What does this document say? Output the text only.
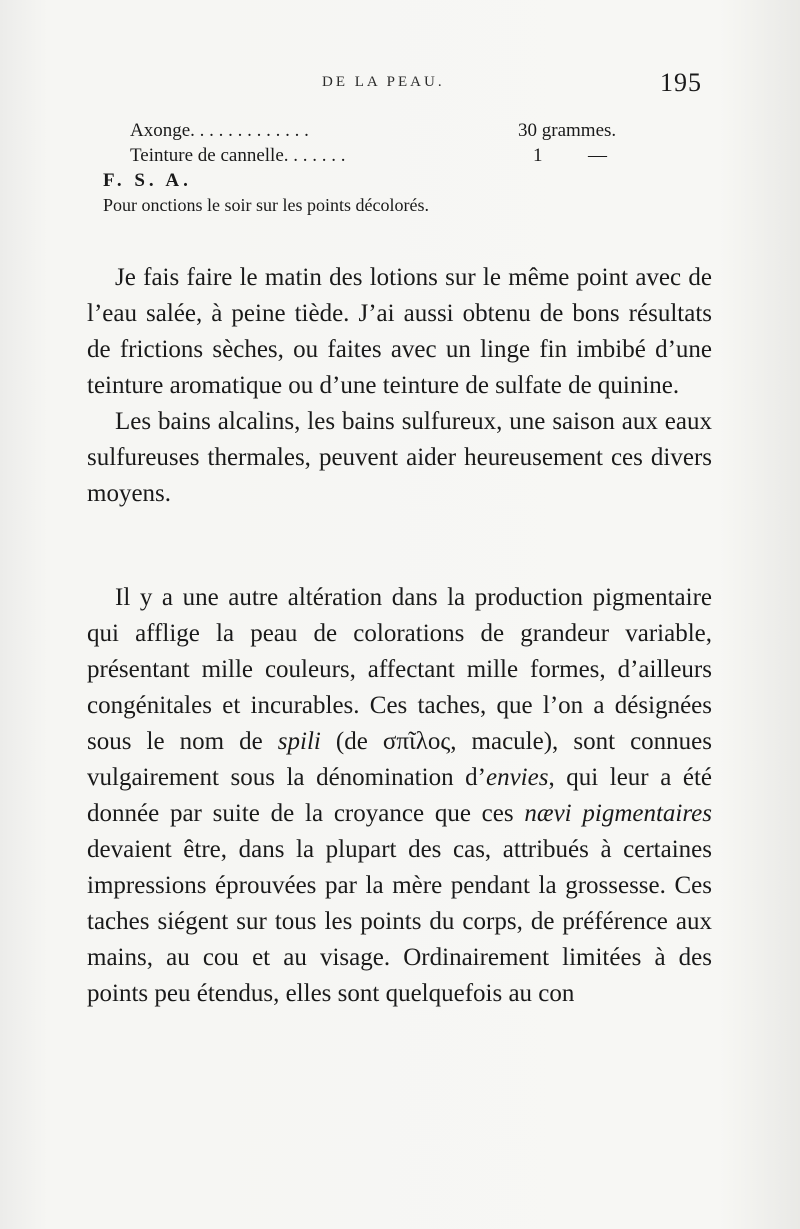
DE LA PEAU.	195
Axonge. . . . . . . . . . . . .	30 grammes.
Teinture de cannelle. . . . . . .	1 —
F. S. A.
Pour onctions le soir sur les points décolorés.

Je fais faire le matin des lotions sur le même point avec de l’eau salée, à peine tiède. J’ai aussi obtenu de bons résultats de frictions sèches, ou faites avec un linge fin imbibé d’une teinture aromatique ou d’une teinture de sulfate de quinine.

Les bains alcalins, les bains sulfureux, une saison aux eaux sulfureuses thermales, peuvent aider heureusement ces divers moyens.

Il y a une autre altération dans la production pigmentaire qui afflige la peau de colorations de grandeur variable, présentant mille couleurs, affectant mille formes, d’ailleurs congénitales et incurables. Ces taches, que l’on a désignées sous le nom de spili (de σπῖλος, macule), sont connues vulgairement sous la dénomination d’envies, qui leur a été donnée par suite de la croyance que ces nævi pigmentaires devaient être, dans la plupart des cas, attribués à certaines impressions éprouvées par la mère pendant la grossesse. Ces taches siégent sur tous les points du corps, de préférence aux mains, au cou et au visage. Ordinairement limitées à des points peu étendus, elles sont quelquefois au con
